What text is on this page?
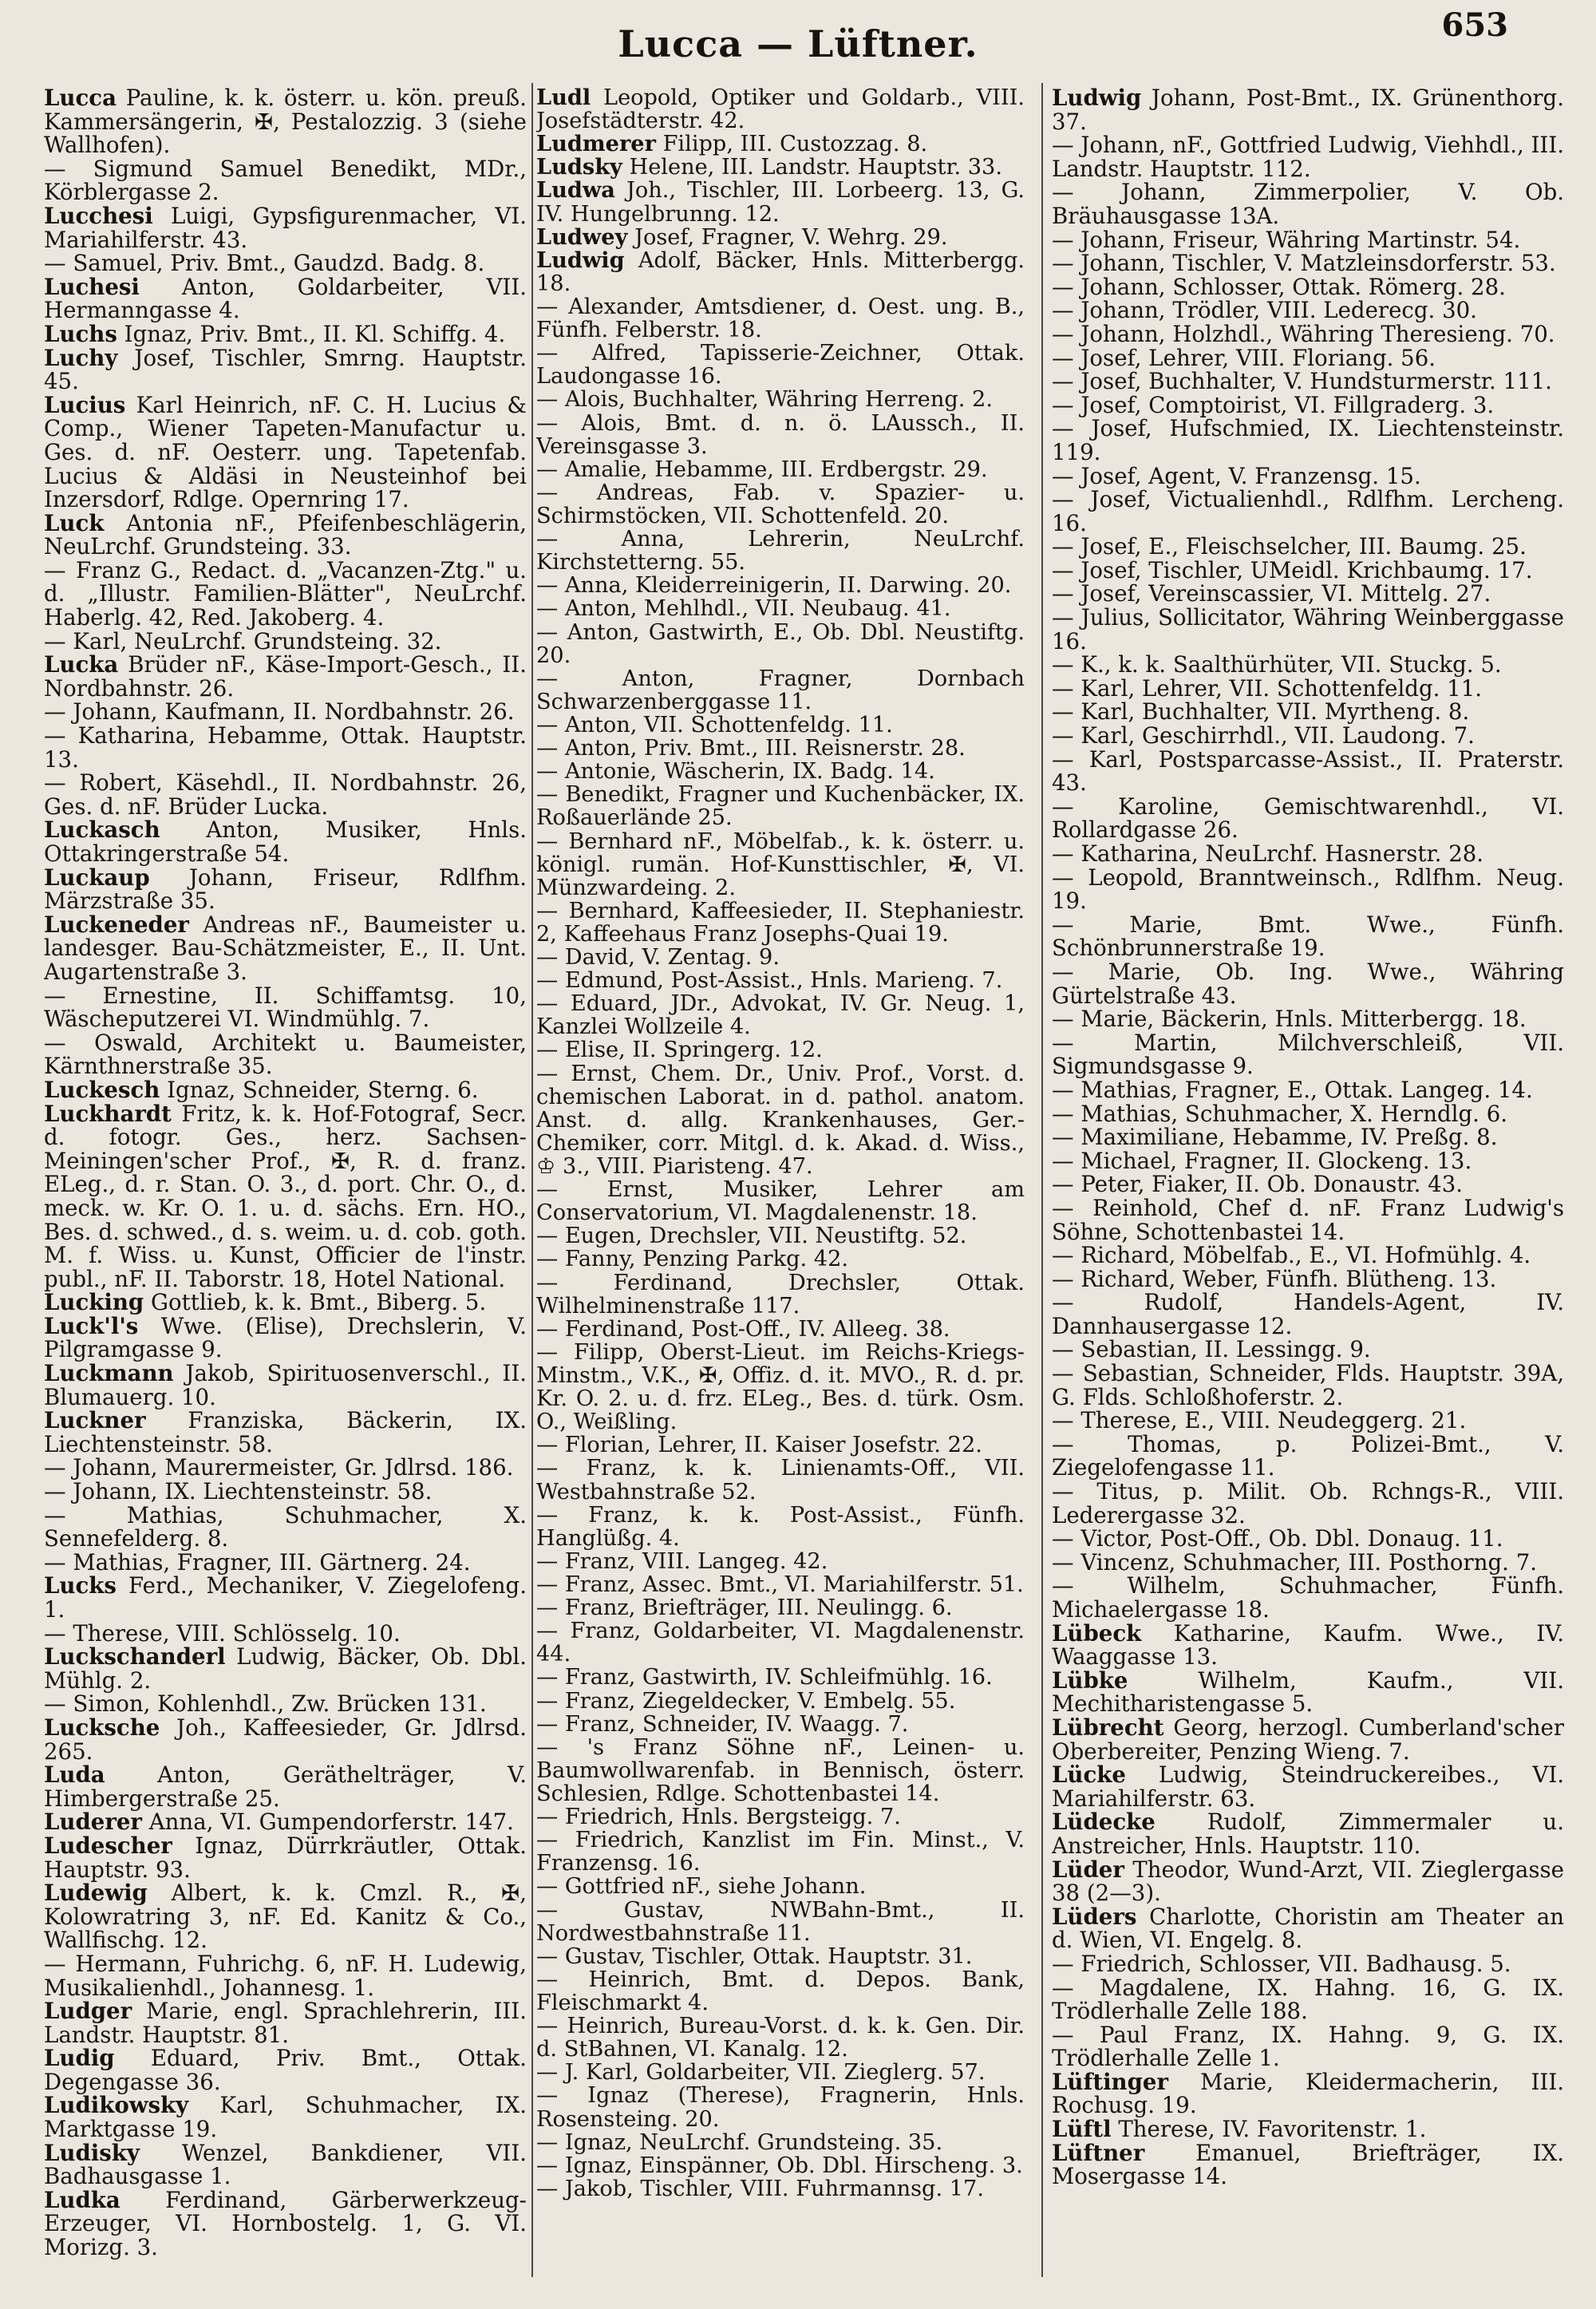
Lucca — Lüftner.	653

Lucca Pauline, k. k. österr. u. kön. preuß. Kammersängerin, ✠, Pestalozzig. 3 (siehe Wallhofen).

— Sigmund Samuel Benedikt, MDr., Körblergasse 2.

Lucchesi Luigi, Gypsfigurenmacher, VI. Mariahilferstr. 43.

— Samuel, Priv. Bmt., Gaudzd. Badg. 8.

Luchesi Anton, Goldarbeiter, VII. Hermanngasse 4.

Luchs Ignaz, Priv. Bmt., II. Kl. Schiffg. 4.

Luchy Josef, Tischler, Smrng. Hauptstr. 45.

Lucius Karl Heinrich, nF. C. H. Lucius & Comp., Wiener Tapeten-Manufactur u. Ges. d. nF. Oesterr. ung. Tapetenfab. Lucius & Aldäsi in Neusteinhof bei Inzersdorf, Rdlge. Opernring 17.

Luck Antonia nF., Pfeifenbeschlägerin, NeuLrchf. Grundsteing. 33.

— Franz G., Redact. d. „Vacanzen-Ztg." u. d. „Illustr. Familien-Blätter", NeuLrchf. Haberlg. 42, Red. Jakoberg. 4.

— Karl, NeuLrchf. Grundsteing. 32.

Lucka Brüder nF., Käse-Import-Gesch., II. Nordbahnstr. 26.

— Johann, Kaufmann, II. Nordbahnstr. 26.

— Katharina, Hebamme, Ottak. Hauptstr. 13.

— Robert, Käsehdl., II. Nordbahnstr. 26, Ges. d. nF. Brüder Lucka.

Luckasch Anton, Musiker, Hnls. Ottakringerstraße 54.

Luckaup Johann, Friseur, Rdlfhm. Märzstraße 35.

Luckeneder Andreas nF., Baumeister u. landesger. Bau-Schätzmeister, E., II. Unt. Augartenstraße 3.

— Ernestine, II. Schiffamtsg. 10, Wäscheputzerei VI. Windmühlg. 7.

— Oswald, Architekt u. Baumeister, Kärnthnerstraße 35.

Luckesch Ignaz, Schneider, Sterng. 6.

Luckhardt Fritz, k. k. Hof-Fotograf, Secr. d. fotogr. Ges., herz. Sachsen-Meiningen'scher Prof., ✠, R. d. franz. ELeg., d. r. Stan. O. 3., d. port. Chr. O., d. meck. w. Kr. O. 1. u. d. sächs. Ern. HO., Bes. d. schwed., d. s. weim. u. d. cob. goth. M. f. Wiss. u. Kunst, Officier de l'instr. publ., nF. II. Taborstr. 18, Hotel National.

Lucking Gottlieb, k. k. Bmt., Biberg. 5.

Luck'l's Wwe. (Elise), Drechslerin, V. Pilgramgasse 9.

Luckmann Jakob, Spirituosenverschl., II. Blumauerg. 10.

Luckner Franziska, Bäckerin, IX. Liechtensteinstr. 58.

— Johann, Maurermeister, Gr. Jdlrsd. 186.

— Johann, IX. Liechtensteinstr. 58.

— Mathias, Schuhmacher, X. Sennefelderg. 8.

— Mathias, Fragner, III. Gärtnerg. 24.

Lucks Ferd., Mechaniker, V. Ziegelofeng. 1.

— Therese, VIII. Schlösselg. 10.

Luckschanderl Ludwig, Bäcker, Ob. Dbl. Mühlg. 2.

— Simon, Kohlenhdl., Zw. Brücken 131.

Lucksche Joh., Kaffeesieder, Gr. Jdlrsd. 265.

Luda Anton, Geräthelträger, V. Himbergerstraße 25.

Luderer Anna, VI. Gumpendorferstr. 147.

Ludescher Ignaz, Dürrkräutler, Ottak. Hauptstr. 93.

Ludewig Albert, k. k. Cmzl. R., ✠, Kolowratring 3, nF. Ed. Kanitz & Co., Wallfischg. 12.

— Hermann, Fuhrichg. 6, nF. H. Ludewig, Musikalienhdl., Johannesg. 1.

Ludger Marie, engl. Sprachlehrerin, III. Landstr. Hauptstr. 81.

Ludig Eduard, Priv. Bmt., Ottak. Degengasse 36.

Ludikowsky Karl, Schuhmacher, IX. Marktgasse 19.

Ludisky Wenzel, Bankdiener, VII. Badhausgasse 1.

Ludka Ferdinand, Gärberwerkzeug-Erzeuger, VI. Hornbostelg. 1, G. VI. Morizg. 3.

Ludl Leopold, Optiker und Goldarb., VIII. Josefstädterstr. 42.

Ludmerer Filipp, III. Custozzag. 8.

Ludsky Helene, III. Landstr. Hauptstr. 33.

Ludwa Joh., Tischler, III. Lorbeerg. 13, G. IV. Hungelbrunng. 12.

Ludwey Josef, Fragner, V. Wehrg. 29.

Ludwig Adolf, Bäcker, Hnls. Mitterbergg. 18.

— Alexander, Amtsdiener, d. Oest. ung. B., Fünfh. Felberstr. 18.

— Alfred, Tapisserie-Zeichner, Ottak. Laudongasse 16.

— Alois, Buchhalter, Währing Herreng. 2.

— Alois, Bmt. d. n. ö. LAussch., II. Vereinsgasse 3.

— Amalie, Hebamme, III. Erdbergstr. 29.

— Andreas, Fab. v. Spazier- u. Schirmstöcken, VII. Schottenfeld. 20.

— Anna, Lehrerin, NeuLrchf. Kirchstetterng. 55.

— Anna, Kleiderreinigerin, II. Darwing. 20.

— Anton, Mehlhdl., VII. Neubaug. 41.

— Anton, Gastwirth, E., Ob. Dbl. Neustiftg. 20.

— Anton, Fragner, Dornbach Schwarzenberggasse 11.

— Anton, VII. Schottenfeldg. 11.

— Anton, Priv. Bmt., III. Reisnerstr. 28.

— Antonie, Wäscherin, IX. Badg. 14.

— Benedikt, Fragner und Kuchenbäcker, IX. Roßauerlände 25.

— Bernhard nF., Möbelfab., k. k. österr. u. königl. rumän. Hof-Kunsttischler, ✠, VI. Münzwardeing. 2.

— Bernhard, Kaffeesieder, II. Stephaniestr. 2, Kaffeehaus Franz Josephs-Quai 19.

— David, V. Zentag. 9.

— Edmund, Post-Assist., Hnls. Marieng. 7.

— Eduard, JDr., Advokat, IV. Gr. Neug. 1, Kanzlei Wollzeile 4.

— Elise, II. Springerg. 12.

— Ernst, Chem. Dr., Univ. Prof., Vorst. d. chemischen Laborat. in d. pathol. anatom. Anst. d. allg. Krankenhauses, Ger.-Chemiker, corr. Mitgl. d. k. Akad. d. Wiss., ♔ 3., VIII. Piaristeng. 47.

— Ernst, Musiker, Lehrer am Conservatorium, VI. Magdalenenstr. 18.

— Eugen, Drechsler, VII. Neustiftg. 52.

— Fanny, Penzing Parkg. 42.

— Ferdinand, Drechsler, Ottak. Wilhelminenstraße 117.

— Ferdinand, Post-Off., IV. Alleeg. 38.

— Filipp, Oberst-Lieut. im Reichs-Kriegs-Minstm., V.K., ✠, Offiz. d. it. MVO., R. d. pr. Kr. O. 2. u. d. frz. ELeg., Bes. d. türk. Osm. O., Weißling.

— Florian, Lehrer, II. Kaiser Josefstr. 22.

— Franz, k. k. Linienamts-Off., VII. Westbahnstraße 52.

— Franz, k. k. Post-Assist., Fünfh. Hanglüßg. 4.

— Franz, VIII. Langeg. 42.

— Franz, Assec. Bmt., VI. Mariahilferstr. 51.

— Franz, Briefträger, III. Neulingg. 6.

— Franz, Goldarbeiter, VI. Magdalenenstr. 44.

— Franz, Gastwirth, IV. Schleifmühlg. 16.

— Franz, Ziegeldecker, V. Embelg. 55.

— Franz, Schneider, IV. Waagg. 7.

— 's Franz Söhne nF., Leinen- u. Baumwollwarenfab. in Bennisch, österr. Schlesien, Rdlge. Schottenbastei 14.

— Friedrich, Hnls. Bergsteigg. 7.

— Friedrich, Kanzlist im Fin. Minst., V. Franzensg. 16.

— Gottfried nF., siehe Johann.

— Gustav, NWBahn-Bmt., II. Nordwestbahnstraße 11.

— Gustav, Tischler, Ottak. Hauptstr. 31.

— Heinrich, Bmt. d. Depos. Bank, Fleischmarkt 4.

— Heinrich, Bureau-Vorst. d. k. k. Gen. Dir. d. StBahnen, VI. Kanalg. 12.

— J. Karl, Goldarbeiter, VII. Zieglerg. 57.

— Ignaz (Therese), Fragnerin, Hnls. Rosensteing. 20.

— Ignaz, NeuLrchf. Grundsteing. 35.

— Ignaz, Einspänner, Ob. Dbl. Hirscheng. 3.

— Jakob, Tischler, VIII. Fuhrmannsg. 17.

Ludwig Johann, Post-Bmt., IX. Grünenthorg. 37.

— Johann, nF., Gottfried Ludwig, Viehhdl., III. Landstr. Hauptstr. 112.

— Johann, Zimmerpolier, V. Ob. Bräuhausgasse 13A.

— Johann, Friseur, Währing Martinstr. 54.

— Johann, Tischler, V. Matzleinsdorferstr. 53.

— Johann, Schlosser, Ottak. Römerg. 28.

— Johann, Trödler, VIII. Lederecg. 30.

— Johann, Holzhdl., Währing Theresieng. 70.

— Josef, Lehrer, VIII. Floriang. 56.

— Josef, Buchhalter, V. Hundsturmerstr. 111.

— Josef, Comptoirist, VI. Fillgraderg. 3.

— Josef, Hufschmied, IX. Liechtensteinstr. 119.

— Josef, Agent, V. Franzensg. 15.

— Josef, Victualienhdl., Rdlfhm. Lercheng. 16.

— Josef, E., Fleischselcher, III. Baumg. 25.

— Josef, Tischler, UMeidl. Krichbaumg. 17.

— Josef, Vereinscassier, VI. Mittelg. 27.

— Julius, Sollicitator, Währing Weinberggasse 16.

— K., k. k. Saalthürhüter, VII. Stuckg. 5.

— Karl, Lehrer, VII. Schottenfeldg. 11.

— Karl, Buchhalter, VII. Myrtheng. 8.

— Karl, Geschirrhdl., VII. Laudong. 7.

— Karl, Postsparcasse-Assist., II. Praterstr. 43.

— Karoline, Gemischtwarenhdl., VI. Rollardgasse 26.

— Katharina, NeuLrchf. Hasnerstr. 28.

— Leopold, Branntweinsch., Rdlfhm. Neug. 19.

— Marie, Bmt. Wwe., Fünfh. Schönbrunnerstraße 19.

— Marie, Ob. Ing. Wwe., Währing Gürtelstraße 43.

— Marie, Bäckerin, Hnls. Mitterbergg. 18.

— Martin, Milchverschleiß, VII. Sigmundsgasse 9.

— Mathias, Fragner, E., Ottak. Langeg. 14.

— Mathias, Schuhmacher, X. Herndlg. 6.

— Maximiliane, Hebamme, IV. Preßg. 8.

— Michael, Fragner, II. Glockeng. 13.

— Peter, Fiaker, II. Ob. Donaustr. 43.

— Reinhold, Chef d. nF. Franz Ludwig's Söhne, Schottenbastei 14.

— Richard, Möbelfab., E., VI. Hofmühlg. 4.

— Richard, Weber, Fünfh. Blütheng. 13.

— Rudolf, Handels-Agent, IV. Dannhausergasse 12.

— Sebastian, II. Lessingg. 9.

— Sebastian, Schneider, Flds. Hauptstr. 39A, G. Flds. Schloßhoferstr. 2.

— Therese, E., VIII. Neudeggerg. 21.

— Thomas, p. Polizei-Bmt., V. Ziegelofengasse 11.

— Titus, p. Milit. Ob. Rchngs-R., VIII. Lederergasse 32.

— Victor, Post-Off., Ob. Dbl. Donaug. 11.

— Vincenz, Schuhmacher, III. Posthorng. 7.

— Wilhelm, Schuhmacher, Fünfh. Michaelergasse 18.

Lübeck Katharine, Kaufm. Wwe., IV. Waaggasse 13.

Lübke	Wilhelm, Kaufm., VII. Mechitharistengasse 5.

Lübrecht Georg, herzogl. Cumberland'scher Oberbereiter, Penzing Wieng. 7.

Lücke Ludwig, Steindruckereibes., VI. Mariahilferstr. 63.

Lüdecke Rudolf, Zimmermaler u. Anstreicher, Hnls. Hauptstr. 110.

Lüder Theodor, Wund-Arzt, VII. Zieglergasse 38 (2—3).

Lüders Charlotte, Choristin am Theater an d. Wien, VI. Engelg. 8.

— Friedrich, Schlosser, VII. Badhausg. 5.

— Magdalene, IX. Hahng. 16, G. IX. Trödlerhalle Zelle 188.

— Paul Franz, IX. Hahng. 9, G. IX. Trödlerhalle Zelle 1.

Lüftinger Marie, Kleidermacherin, III. Rochusg. 19.

Lüftl Therese, IV. Favoritenstr. 1.

Lüftner Emanuel, Briefträger, IX. Mosergasse 14.
